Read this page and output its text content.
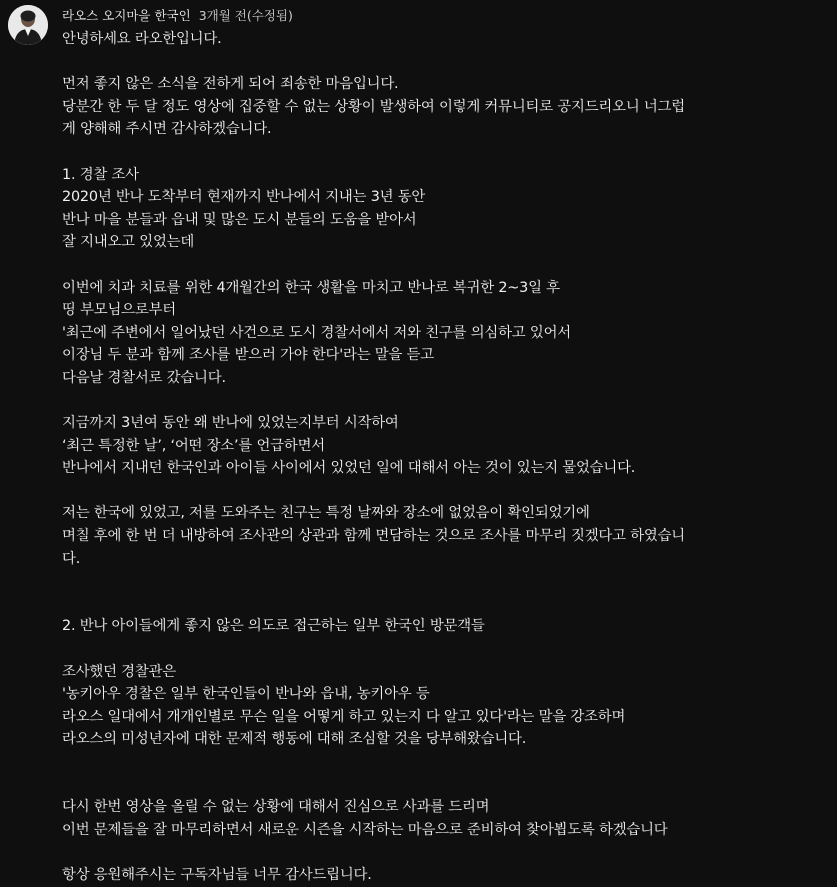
라오스 오지마을 한국인 3개월 전(수정됨)
안녕하세요 라오한입니다.
먼저 좋지 않은 소식을 전하게 되어 죄송한 마음입니다.
당분간 한 두 달 정도 영상에 집중할 수 없는 상황이 발생하여 이렇게 커뮤니티로 공지드리오니 너그럽
게 양해해 주시면 감사하겠습니다.
1. 경찰 조사
2020년 반나 도착부터 현재까지 반나에서 지내는 3년 동안
반나 마을 분들과 읍내 및 많은 도시 분들의 도움을 받아서
잘 지내오고 있었는데
이번에 치과 치료를 위한 4개월간의 한국 생활을 마치고 반나로 복귀한 2~3일 후
띵 부모님으로부터
'최근에 주변에서 일어났던 사건으로 도시 경찰서에서 저와 친구를 의심하고 있어서
이장님 두 분과 함께 조사를 받으러 가야 한다'라는 말을 듣고
다음날 경찰서로 갔습니다.
지금까지 3년여 동안 왜 반나에 있었는지부터 시작하여
‘최근 특정한 날’, ‘어떤 장소’를 언급하면서
반나에서 지내던 한국인과 아이들 사이에서 있었던 일에 대해서 아는 것이 있는지 물었습니다.
저는 한국에 있었고, 저를 도와주는 친구는 특정 날짜와 장소에 없었음이 확인되었기에
며칠 후에 한 번 더 내방하여 조사관의 상관과 함께 면담하는 것으로 조사를 마무리 짓겠다고 하였습니
다.
2. 반나 아이들에게 좋지 않은 의도로 접근하는 일부 한국인 방문객들
조사했던 경찰관은
'농키아우 경찰은 일부 한국인들이 반나와 읍내, 농키아우 등
라오스 일대에서 개개인별로 무슨 일을 어떻게 하고 있는지 다 알고 있다'라는 말을 강조하며
라오스의 미성년자에 대한 문제적 행동에 대해 조심할 것을 당부해왔습니다.
다시 한번 영상을 올릴 수 없는 상황에 대해서 진심으로 사과를 드리며
이번 문제들을 잘 마무리하면서 새로운 시즌을 시작하는 마음으로 준비하여 찾아뵙도록 하겠습니다
항상 응원해주시는 구독자님들 너무 감사드립니다.
